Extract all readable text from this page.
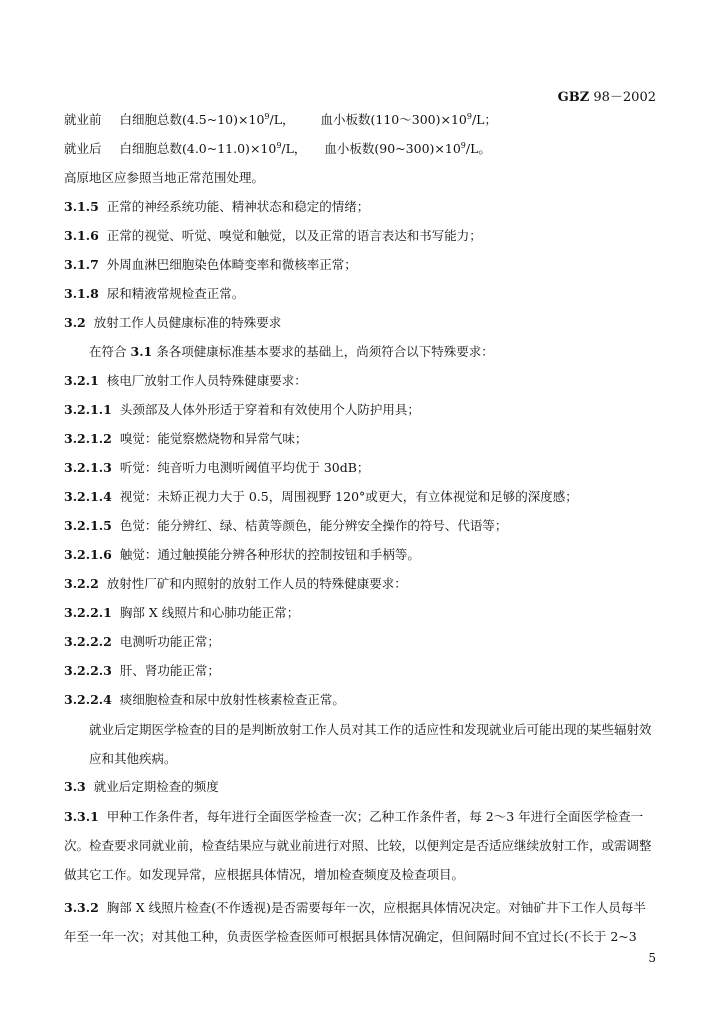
GBZ 98－2002
就业前 白细胞总数$(4.5\sim 10)\times 10^9/L$， 血小板数$(110\sim 300)\times 10^9/L$；
就业后 白细胞总数$(4.0\sim 11.0)\times 10^9/L$， 血小板数$(90\sim 300)\times 10^9/L$。
高原地区应参照当地正常范围处理。
3.1.5 正常的神经系统功能、精神状态和稳定的情绪；
3.1.6 正常的视觉、听觉、嗅觉和触觉，以及正常的语言表达和书写能力；
3.1.7 外周血淋巴细胞染色体畸变率和微核率正常；
3.1.8 尿和精液常规检查正常。
3.2 放射工作人员健康标准的特殊要求
在符合 3.1 条各项健康标准基本要求的基础上，尚须符合以下特殊要求：
3.2.1 核电厂放射工作人员特殊健康要求：
3.2.1.1 头颈部及人体外形适于穿着和有效使用个人防护用具；
3.2.1.2 嗅觉：能觉察燃烧物和异常气味；
3.2.1.3 听觉：纯音听力电测听阈值平均优于 30dB；
3.2.1.4 视觉：未矫正视力大于 0.5，周围视野 120°或更大，有立体视觉和足够的深度感；
3.2.1.5 色觉：能分辨红、绿、桔黄等颜色，能分辨安全操作的符号、代语等；
3.2.1.6 触觉：通过触摸能分辨各种形状的控制按钮和手柄等。
3.2.2 放射性厂矿和内照射的放射工作人员的特殊健康要求：
3.2.2.1 胸部 X 线照片和心肺功能正常；
3.2.2.2 电测听功能正常；
3.2.2.3 肝、肾功能正常；
3.2.2.4 痰细胞检查和尿中放射性核素检查正常。
就业后定期医学检查的目的是判断放射工作人员对其工作的适应性和发现就业后可能出现的某些辐射效应和其他疾病。
3.3 就业后定期检查的频度
3.3.1 甲种工作条件者，每年进行全面医学检查一次；乙种工作条件者，每 2～3 年进行全面医学检查一次。检查要求同就业前，检查结果应与就业前进行对照、比较，以便判定是否适应继续放射工作，或需调整做其它工作。如发现异常，应根据具体情况，增加检查频度及检查项目。
3.3.2 胸部 X 线照片检查(不作透视)是否需要每年一次，应根据具体情况决定。对铀矿井下工作人员每半年至一年一次；对其他工种，负责医学检查医师可根据具体情况确定，但间隔时间不宜过长(不长于 2~3
5
